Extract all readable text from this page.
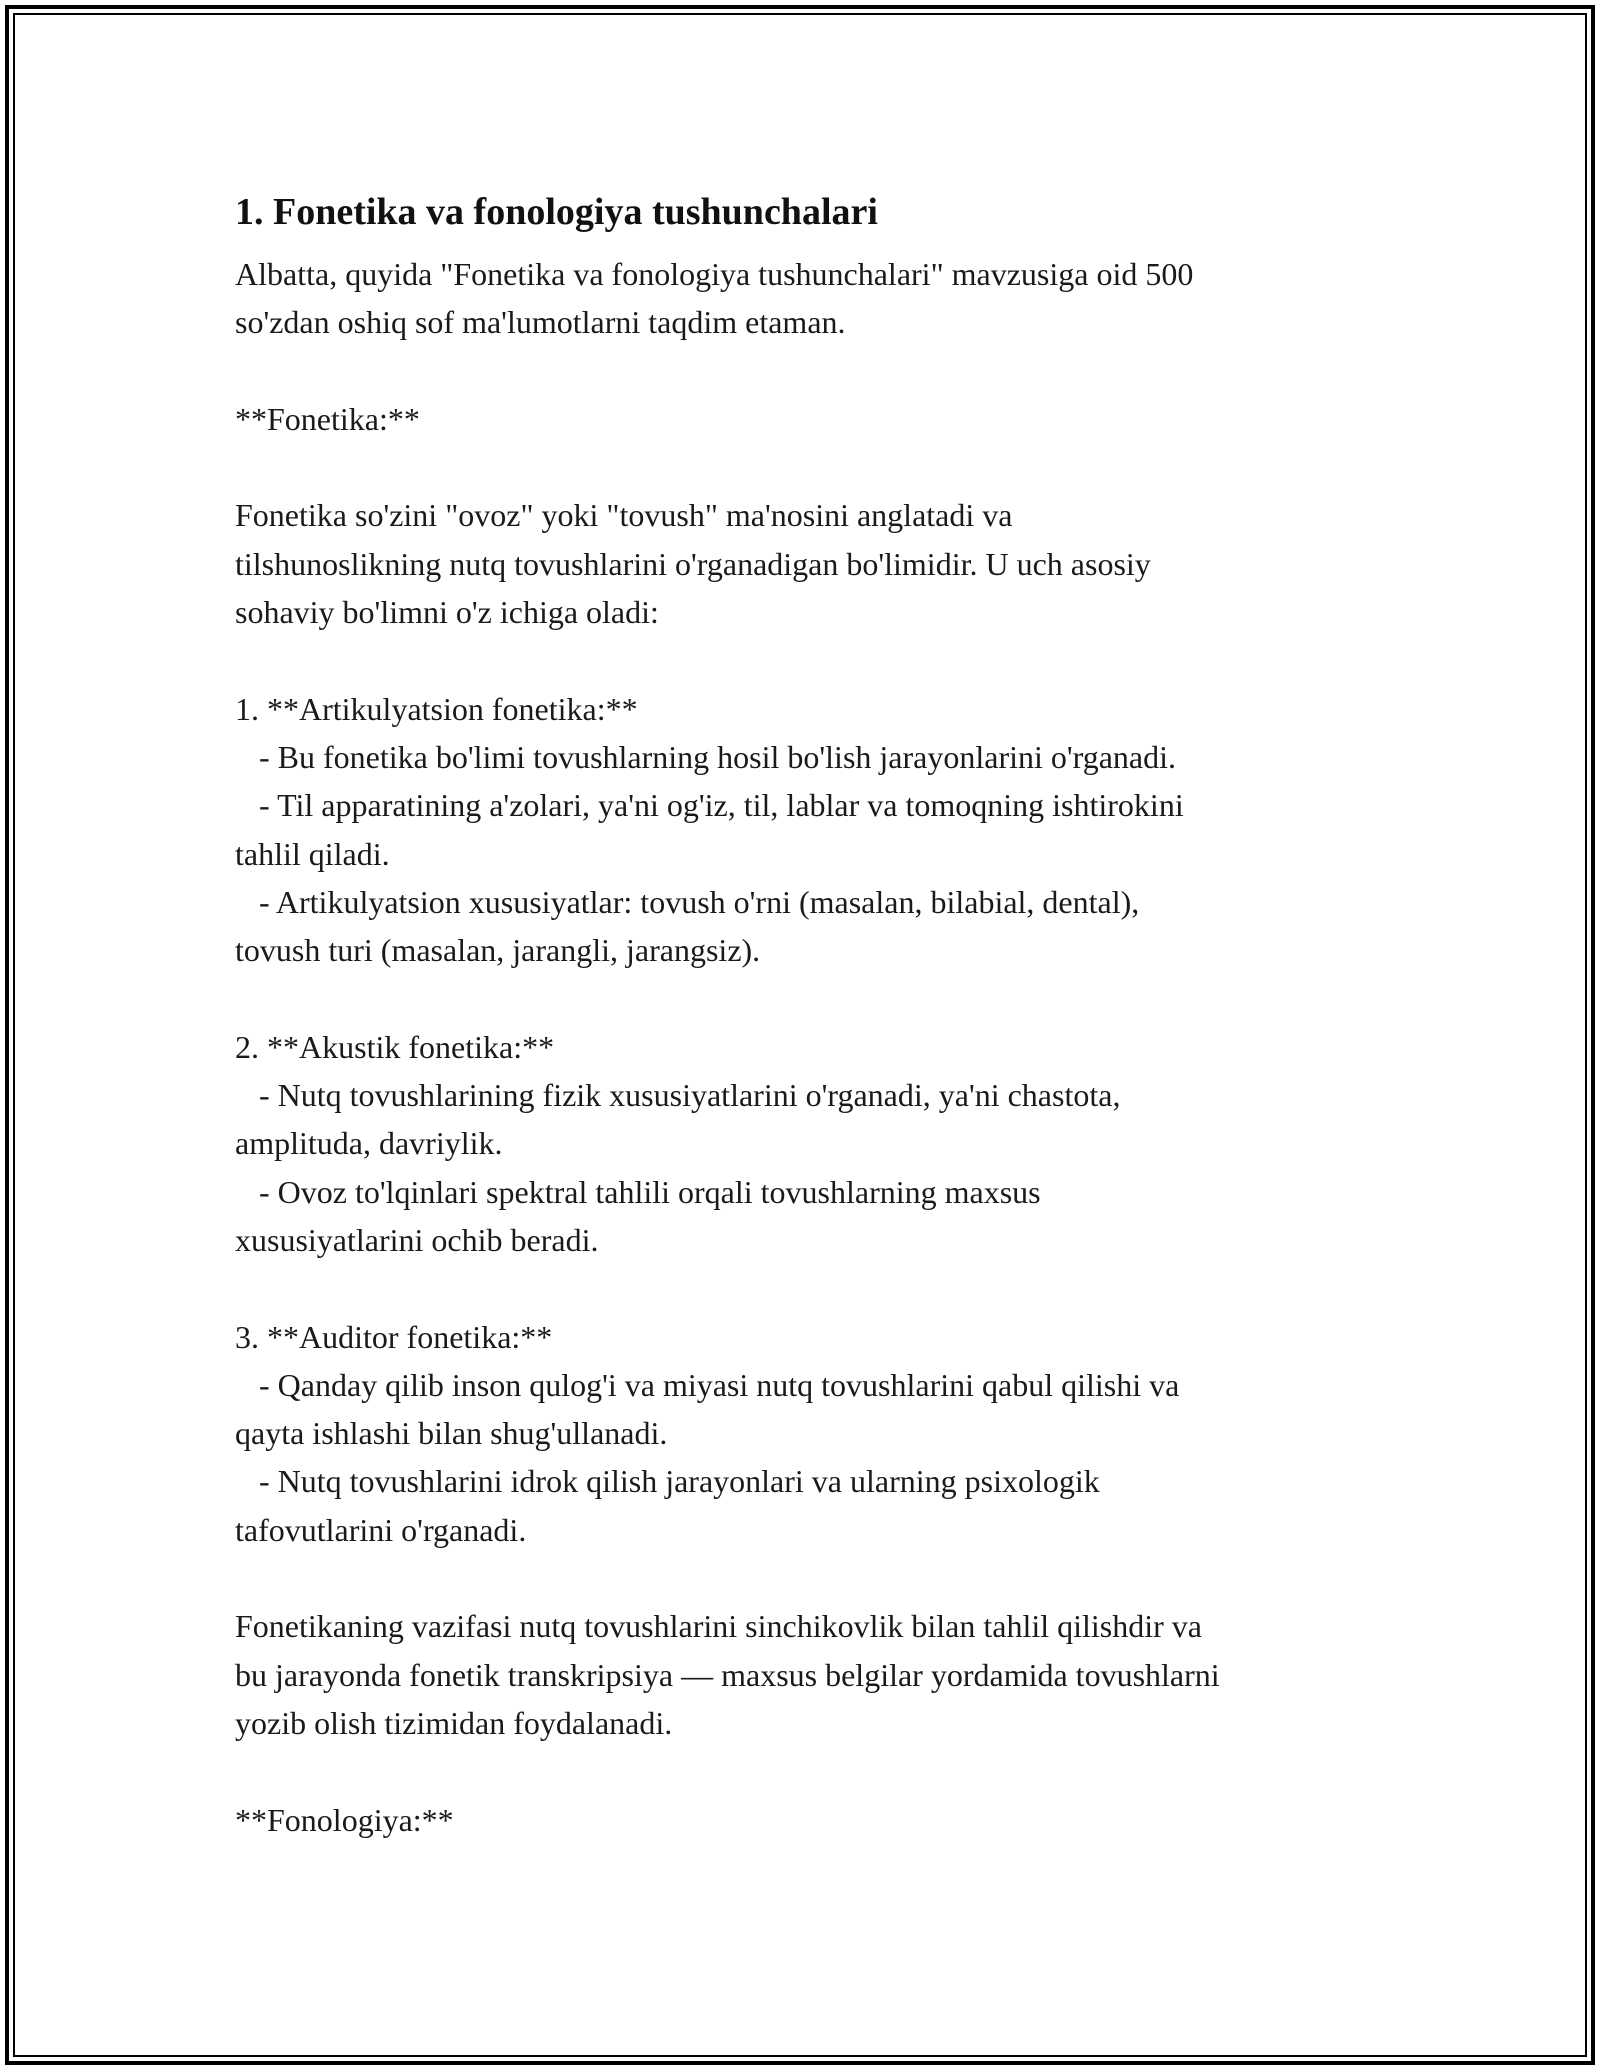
1. Fonetika va fonologiya tushunchalari

Albatta, quyida "Fonetika va fonologiya tushunchalari" mavzusiga oid 500

so'zdan oshiq sof ma'lumotlarni taqdim etaman.

**Fonetika:**

Fonetika so'zini "ovoz" yoki "tovush" ma'nosini anglatadi va

tilshunoslikning nutq tovushlarini o'rganadigan bo'limidir. U uch asosiy

sohaviy bo'limni o'z ichiga oladi:

1. **Artikulyatsion fonetika:**

- Bu fonetika bo'limi tovushlarning hosil bo'lish jarayonlarini o'rganadi.

- Til apparatining a'zolari, ya'ni og'iz, til, lablar va tomoqning ishtirokini

tahlil qiladi.

- Artikulyatsion xususiyatlar: tovush o'rni (masalan, bilabial, dental),

tovush turi (masalan, jarangli, jarangsiz).

2. **Akustik fonetika:**

- Nutq tovushlarining fizik xususiyatlarini o'rganadi, ya'ni chastota,

amplituda, davriylik.

- Ovoz to'lqinlari spektral tahlili orqali tovushlarning maxsus

xususiyatlarini ochib beradi.

3. **Auditor fonetika:**

- Qanday qilib inson qulog'i va miyasi nutq tovushlarini qabul qilishi va

qayta ishlashi bilan shug'ullanadi.

- Nutq tovushlarini idrok qilish jarayonlari va ularning psixologik

tafovutlarini o'rganadi.

Fonetikaning vazifasi nutq tovushlarini sinchikovlik bilan tahlil qilishdir va

bu jarayonda fonetik transkripsiya — maxsus belgilar yordamida tovushlarni

yozib olish tizimidan foydalanadi.

**Fonologiya:**
